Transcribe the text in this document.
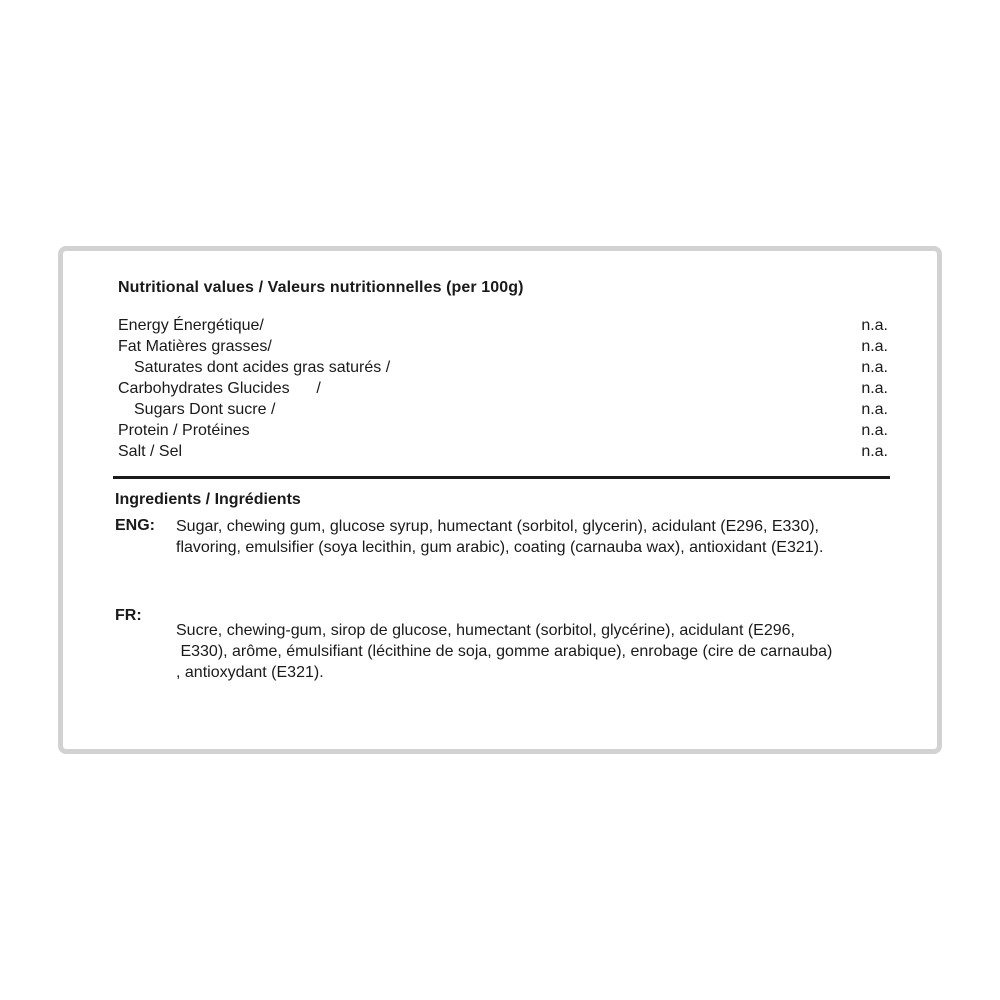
Nutritional values / Valeurs nutritionnelles (per 100g)
Energy Énergétique/	n.a.
Fat Matières grasses/	n.a.
Saturates dont acides gras saturés /	n.a.
Carbohydrates Glucides      /	n.a.
Sugars Dont sucre /	n.a.
Protein / Protéines	n.a.
Salt / Sel	n.a.
Ingredients / Ingrédients
ENG: Sugar, chewing gum, glucose syrup, humectant (sorbitol, glycerin), acidulant (E296, E330),
flavoring, emulsifier (soya lecithin, gum arabic), coating (carnauba wax), antioxidant (E321).
FR:
Sucre, chewing-gum, sirop de glucose, humectant (sorbitol, glycérine), acidulant (E296,
E330), arôme, émulsifiant (lécithine de soja, gomme arabique), enrobage (cire de carnauba)
, antioxydant (E321).
